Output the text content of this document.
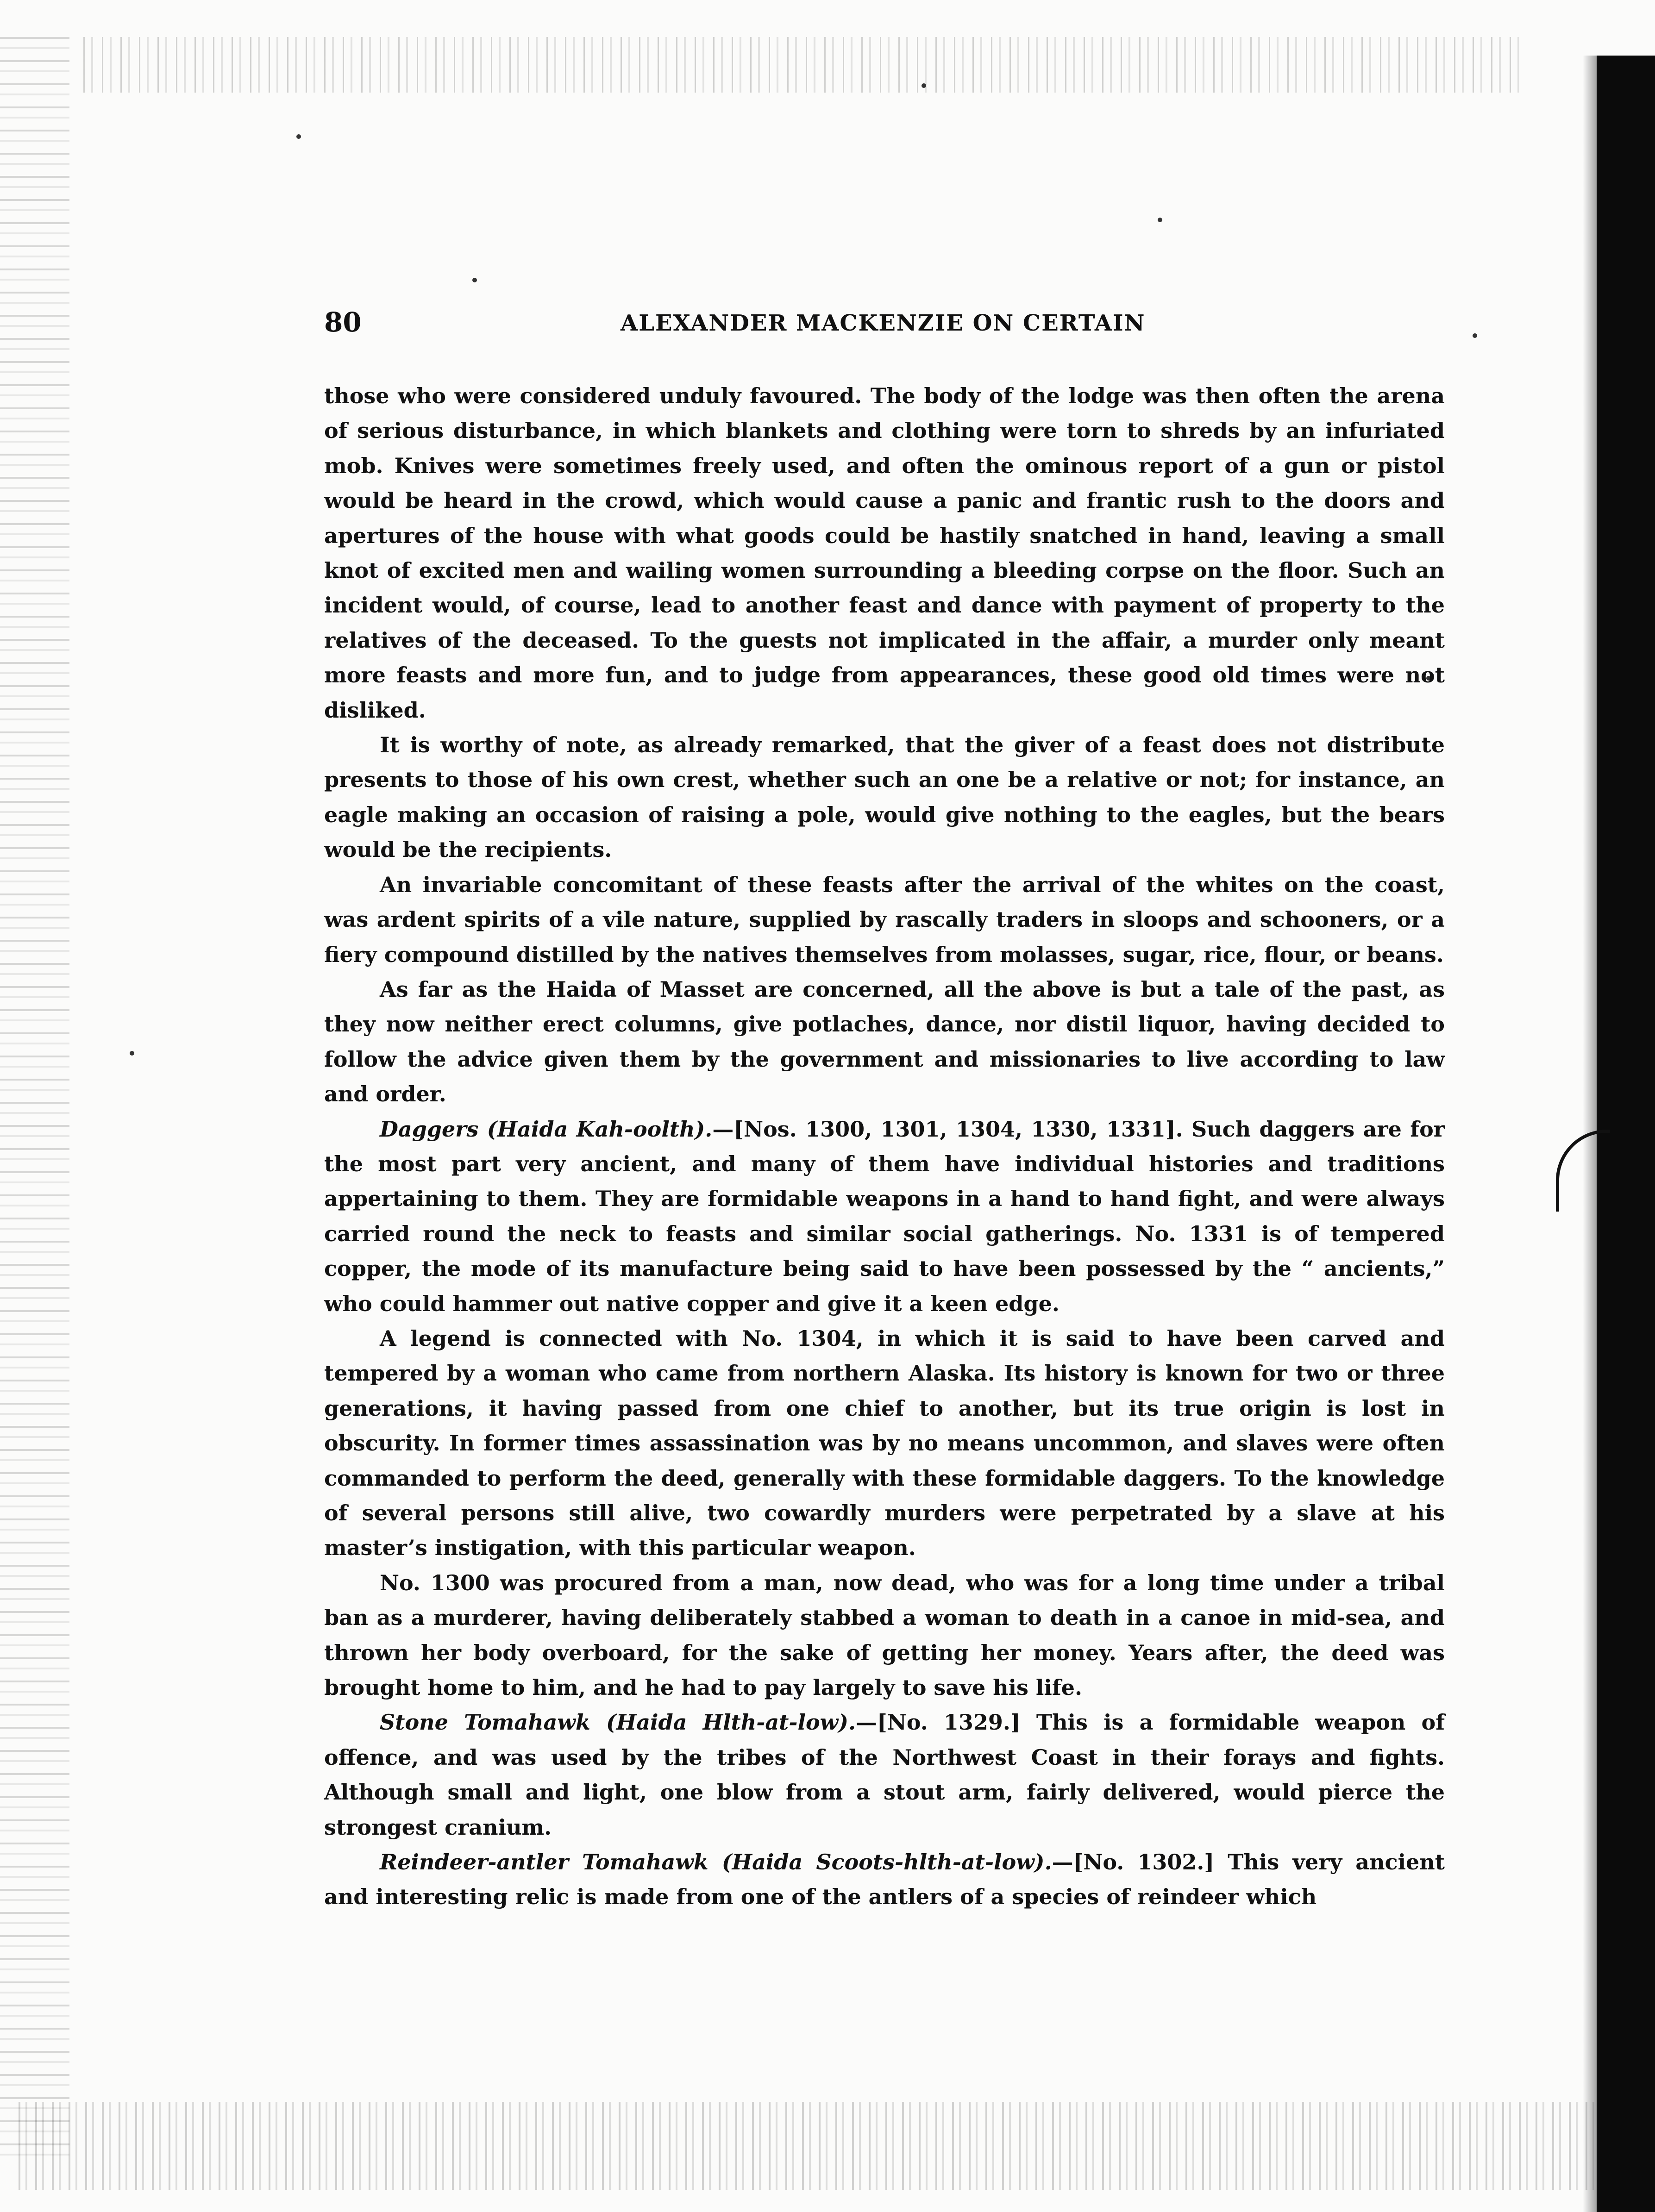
80	ALEXANDER MACKENZIE ON CERTAIN

those who were considered unduly favoured. The body of the lodge was then often the arena of serious disturbance, in which blankets and clothing were torn to shreds by an infuriated mob. Knives were sometimes freely used, and often the ominous report of a gun or pistol would be heard in the crowd, which would cause a panic and frantic rush to the doors and apertures of the house with what goods could be hastily snatched in hand, leaving a small knot of excited men and wailing women surrounding a bleeding corpse on the floor. Such an incident would, of course, lead to another feast and dance with payment of property to the relatives of the deceased. To the guests not implicated in the affair, a murder only meant more feasts and more fun, and to judge from appearances, these good old times were not disliked.

It is worthy of note, as already remarked, that the giver of a feast does not distribute presents to those of his own crest, whether such an one be a relative or not; for instance, an eagle making an occasion of raising a pole, would give nothing to the eagles, but the bears would be the recipients.

An invariable concomitant of these feasts after the arrival of the whites on the coast, was ardent spirits of a vile nature, supplied by rascally traders in sloops and schooners, or a fiery compound distilled by the natives themselves from molasses, sugar, rice, flour, or beans.

As far as the Haida of Masset are concerned, all the above is but a tale of the past, as they now neither erect columns, give potlaches, dance, nor distil liquor, having decided to follow the advice given them by the government and missionaries to live according to law and order.

Daggers (Haida Kah-oolth).—[Nos. 1300, 1301, 1304, 1330, 1331]. Such daggers are for the most part very ancient, and many of them have individual histories and traditions appertaining to them. They are formidable weapons in a hand to hand fight, and were always carried round the neck to feasts and similar social gatherings. No. 1331 is of tempered copper, the mode of its manufacture being said to have been possessed by the “ ancients,” who could hammer out native copper and give it a keen edge.

A legend is connected with No. 1304, in which it is said to have been carved and tempered by a woman who came from northern Alaska. Its history is known for two or three generations, it having passed from one chief to another, but its true origin is lost in obscurity. In former times assassination was by no means uncommon, and slaves were often commanded to perform the deed, generally with these formidable daggers. To the knowledge of several persons still alive, two cowardly murders were perpetrated by a slave at his master’s instigation, with this particular weapon.

No. 1300 was procured from a man, now dead, who was for a long time under a tribal ban as a murderer, having deliberately stabbed a woman to death in a canoe in mid-sea, and thrown her body overboard, for the sake of getting her money. Years after, the deed was brought home to him, and he had to pay largely to save his life.

Stone Tomahawk (Haida Hlth-at-low).—[No. 1329.] This is a formidable weapon of offence, and was used by the tribes of the Northwest Coast in their forays and fights. Although small and light, one blow from a stout arm, fairly delivered, would pierce the strongest cranium.

Reindeer-antler Tomahawk (Haida Scoots-hlth-at-low).—[No. 1302.] This very ancient and interesting relic is made from one of the antlers of a species of reindeer which
